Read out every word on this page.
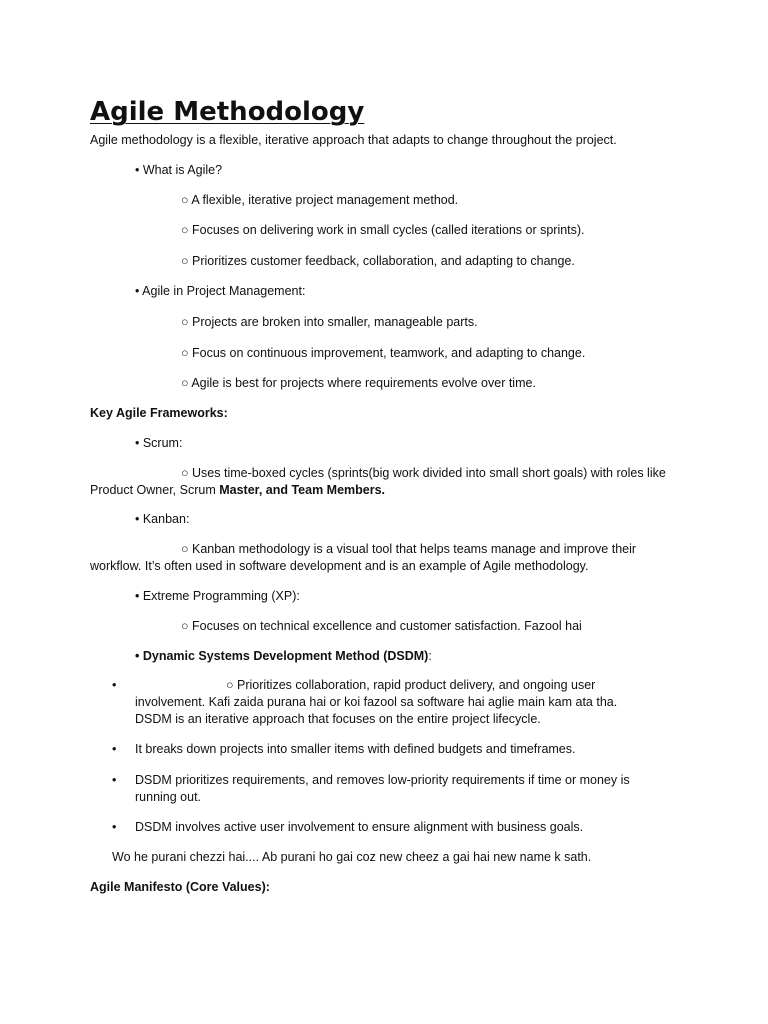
Agile Methodology
Agile methodology is a flexible, iterative approach that adapts to change throughout the project.
• What is Agile?
○ A flexible, iterative project management method.
○ Focuses on delivering work in small cycles (called iterations or sprints).
○ Prioritizes customer feedback, collaboration, and adapting to change.
• Agile in Project Management:
○ Projects are broken into smaller, manageable parts.
○ Focus on continuous improvement, teamwork, and adapting to change.
○ Agile is best for projects where requirements evolve over time.
Key Agile Frameworks:
• Scrum:
○ Uses time-boxed cycles (sprints(big work divided into small short goals) with roles like
Product Owner, Scrum Master, and Team Members.
• Kanban:
○ Kanban methodology is a visual tool that helps teams manage and improve their
workflow. It’s often used in software development and is an example of Agile methodology.
• Extreme Programming (XP):
○ Focuses on technical excellence and customer satisfaction. Fazool hai
• Dynamic Systems Development Method (DSDM):
•	○ Prioritizes collaboration, rapid product delivery, and ongoing user
involvement. Kafi zaida purana hai or koi fazool sa software hai aglie main kam ata tha.
DSDM is an iterative approach that focuses on the entire project lifecycle.
• It breaks down projects into smaller items with defined budgets and timeframes.
• DSDM prioritizes requirements, and removes low-priority requirements if time or money is
running out.
• DSDM involves active user involvement to ensure alignment with business goals.
Wo he purani chezzi hai.... Ab purani ho gai coz new cheez a gai hai new name k sath.
Agile Manifesto (Core Values):
